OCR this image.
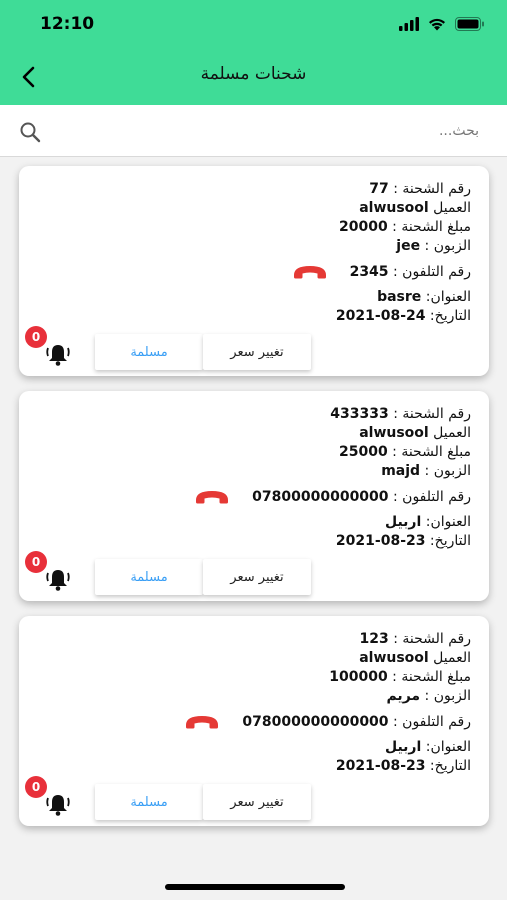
12:10
شحنات مسلمة
بحث...
رقم الشحنة : 77
العميل alwusool
مبلغ الشحنة : 20000
الزبون : jee
رقم التلفون : 2345
العنوان: basre
التاريخ: 24-08-2021
مسلمة	تغيير سعر
0
رقم الشحنة : 433333
العميل alwusool
مبلغ الشحنة : 25000
الزبون : majd
رقم التلفون : 07800000000000
العنوان: اربيل
التاريخ: 23-08-2021
مسلمة	تغيير سعر
0
رقم الشحنة : 123
العميل alwusool
مبلغ الشحنة : 100000
الزبون : مريم
رقم التلفون : 078000000000000
العنوان: اربيل
التاريخ: 23-08-2021
مسلمة	تغيير سعر
0
